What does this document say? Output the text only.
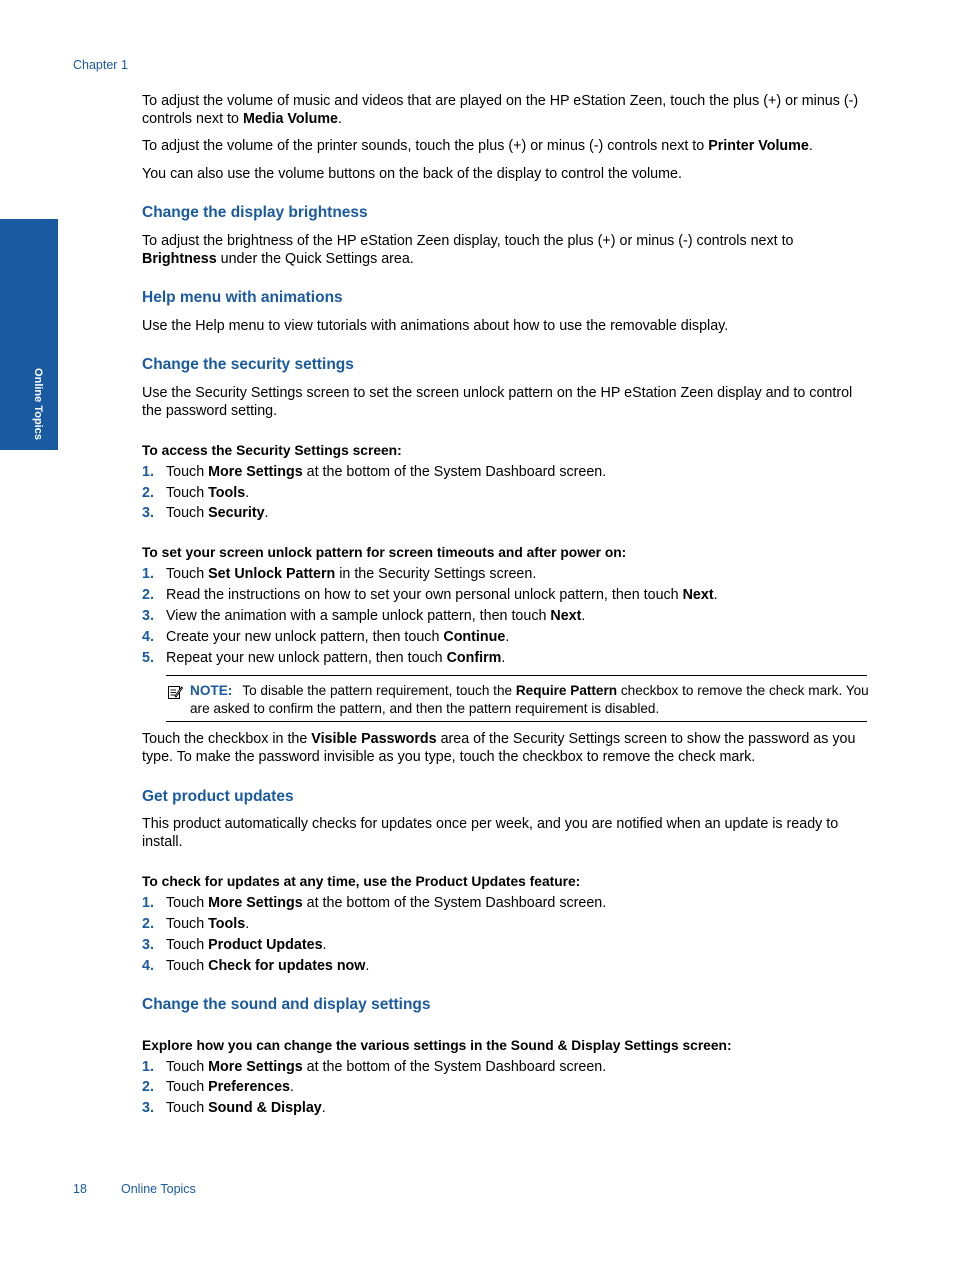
Chapter 1
Online Topics
To adjust the volume of music and videos that are played on the HP eStation Zeen, touch the plus (+) or minus (-) controls next to Media Volume.
To adjust the volume of the printer sounds, touch the plus (+) or minus (-) controls next to Printer Volume.
You can also use the volume buttons on the back of the display to control the volume.
Change the display brightness
To adjust the brightness of the HP eStation Zeen display, touch the plus (+) or minus (-) controls next to Brightness under the Quick Settings area.
Help menu with animations
Use the Help menu to view tutorials with animations about how to use the removable display.
Change the security settings
Use the Security Settings screen to set the screen unlock pattern on the HP eStation Zeen display and to control the password setting.
To access the Security Settings screen:
1. Touch More Settings at the bottom of the System Dashboard screen.
2. Touch Tools.
3. Touch Security.
To set your screen unlock pattern for screen timeouts and after power on:
1. Touch Set Unlock Pattern in the Security Settings screen.
2. Read the instructions on how to set your own personal unlock pattern, then touch Next.
3. View the animation with a sample unlock pattern, then touch Next.
4. Create your new unlock pattern, then touch Continue.
5. Repeat your new unlock pattern, then touch Confirm.
NOTE: To disable the pattern requirement, touch the Require Pattern checkbox to remove the check mark. You are asked to confirm the pattern, and then the pattern requirement is disabled.
Touch the checkbox in the Visible Passwords area of the Security Settings screen to show the password as you type. To make the password invisible as you type, touch the checkbox to remove the check mark.
Get product updates
This product automatically checks for updates once per week, and you are notified when an update is ready to install.
To check for updates at any time, use the Product Updates feature:
1. Touch More Settings at the bottom of the System Dashboard screen.
2. Touch Tools.
3. Touch Product Updates.
4. Touch Check for updates now.
Change the sound and display settings
Explore how you can change the various settings in the Sound & Display Settings screen:
1. Touch More Settings at the bottom of the System Dashboard screen.
2. Touch Preferences.
3. Touch Sound & Display.
18	Online Topics
